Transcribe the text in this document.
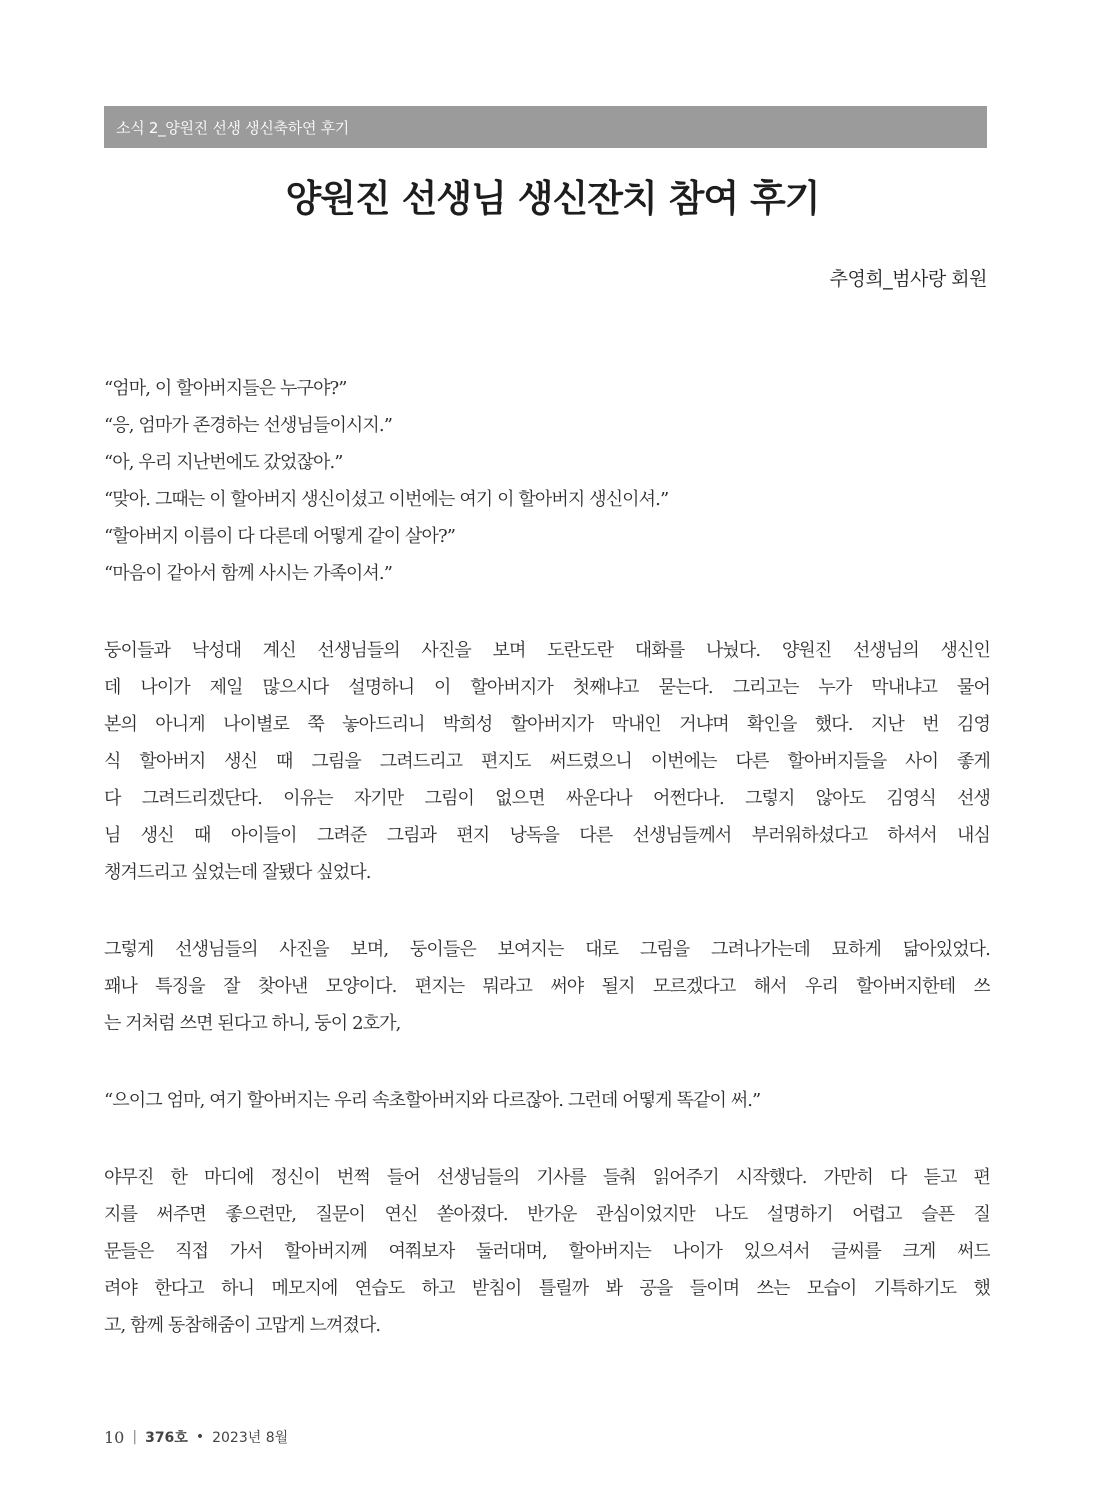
소식 2_양원진 선생 생신축하연 후기
양원진 선생님 생신잔치 참여 후기
추영희_범사랑 회원
“엄마, 이 할아버지들은 누구야?”
“응, 엄마가 존경하는 선생님들이시지.”
“아, 우리 지난번에도 갔었잖아.”
“맞아. 그때는 이 할아버지 생신이셨고 이번에는 여기 이 할아버지 생신이셔.”
“할아버지 이름이 다 다른데 어떻게 같이 살아?”
“마음이 같아서 함께 사시는 가족이셔.”
둥이들과 낙성대 계신 선생님들의 사진을 보며 도란도란 대화를 나눴다. 양원진 선생님의 생신인
데 나이가 제일 많으시다 설명하니 이 할아버지가 첫째냐고 묻는다. 그리고는 누가 막내냐고 물어
본의 아니게 나이별로 쭉 놓아드리니 박희성 할아버지가 막내인 거냐며 확인을 했다. 지난 번 김영
식 할아버지 생신 때 그림을 그려드리고 편지도 써드렸으니 이번에는 다른 할아버지들을 사이 좋게
다 그려드리겠단다. 이유는 자기만 그림이 없으면 싸운다나 어쩐다나. 그렇지 않아도 김영식 선생
님 생신 때 아이들이 그려준 그림과 편지 낭독을 다른 선생님들께서 부러워하셨다고 하셔서 내심
챙겨드리고 싶었는데 잘됐다 싶었다.
그렇게 선생님들의 사진을 보며, 둥이들은 보여지는 대로 그림을 그려나가는데 묘하게 닮아있었다.
꽤나 특징을 잘 찾아낸 모양이다. 편지는 뭐라고 써야 될지 모르겠다고 해서 우리 할아버지한테 쓰
는 거처럼 쓰면 된다고 하니, 둥이 2호가,
“으이그 엄마, 여기 할아버지는 우리 속초할아버지와 다르잖아. 그런데 어떻게 똑같이 써.”
야무진 한 마디에 정신이 번쩍 들어 선생님들의 기사를 들춰 읽어주기 시작했다. 가만히 다 듣고 편
지를 써주면 좋으련만, 질문이 연신 쏟아졌다. 반가운 관심이었지만 나도 설명하기 어렵고 슬픈 질
문들은 직접 가서 할아버지께 여쭤보자 둘러대며, 할아버지는 나이가 있으셔서 글씨를 크게 써드
려야 한다고 하니 메모지에 연습도 하고 받침이 틀릴까 봐 공을 들이며 쓰는 모습이 기특하기도 했
고, 함께 동참해줌이 고맙게 느껴졌다.
10 | 376호 • 2023년 8월
